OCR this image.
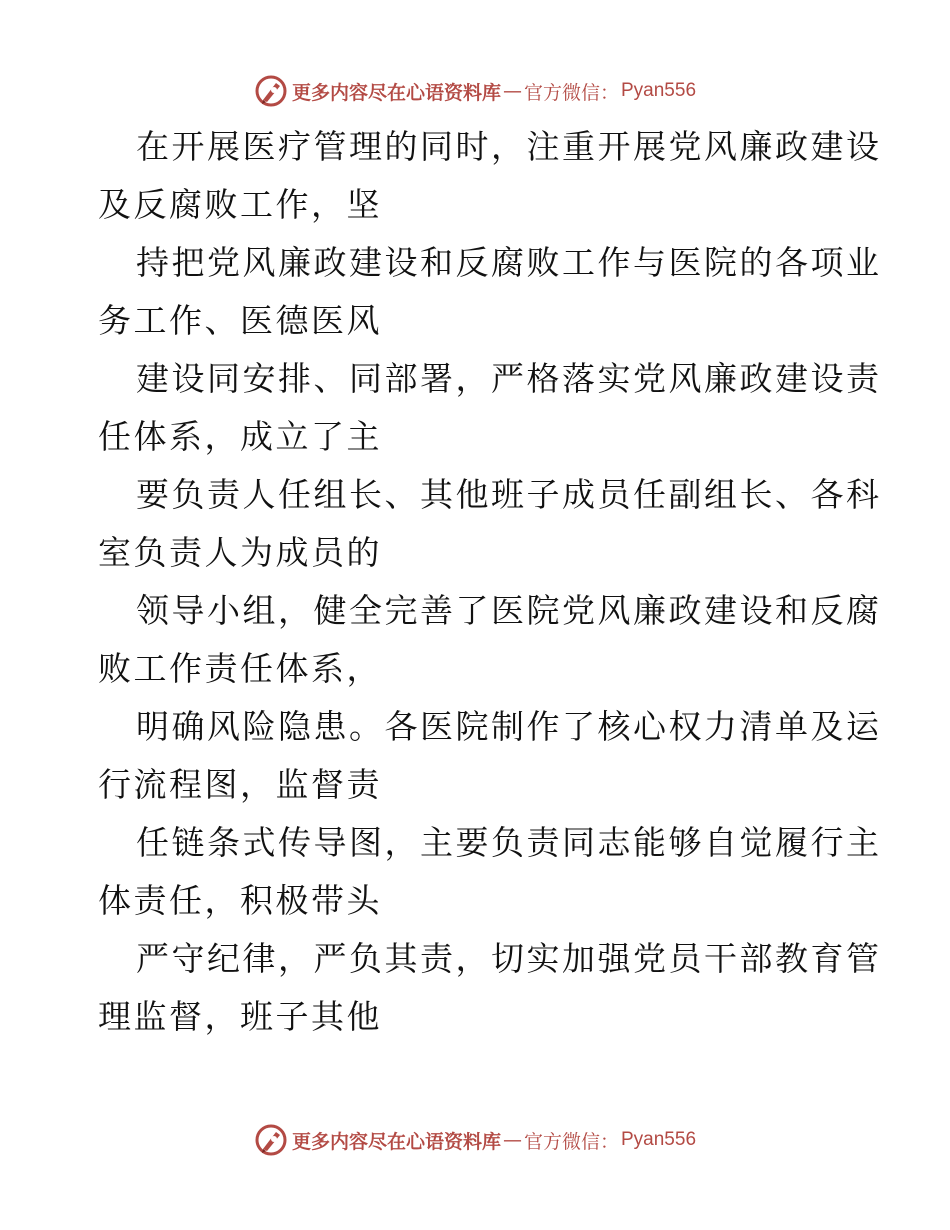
更多内容尽在心语资料库 — 官方微信： Pyan556

在开展医疗管理的同时，注重开展党风廉政建设
及反腐败工作，坚

持把党风廉政建设和反腐败工作与医院的各项业
务工作、医德医风

建设同安排、同部署，严格落实党风廉政建设责
任体系，成立了主

要负责人任组长、其他班子成员任副组长、各科
室负责人为成员的

领导小组，健全完善了医院党风廉政建设和反腐
败工作责任体系，

明确风险隐患。各医院制作了核心权力清单及运
行流程图，监督责

任链条式传导图，主要负责同志能够自觉履行主
体责任，积极带头

严守纪律，严负其责，切实加强党员干部教育管
理监督，班子其他

更多内容尽在心语资料库 — 官方微信： Pyan556
